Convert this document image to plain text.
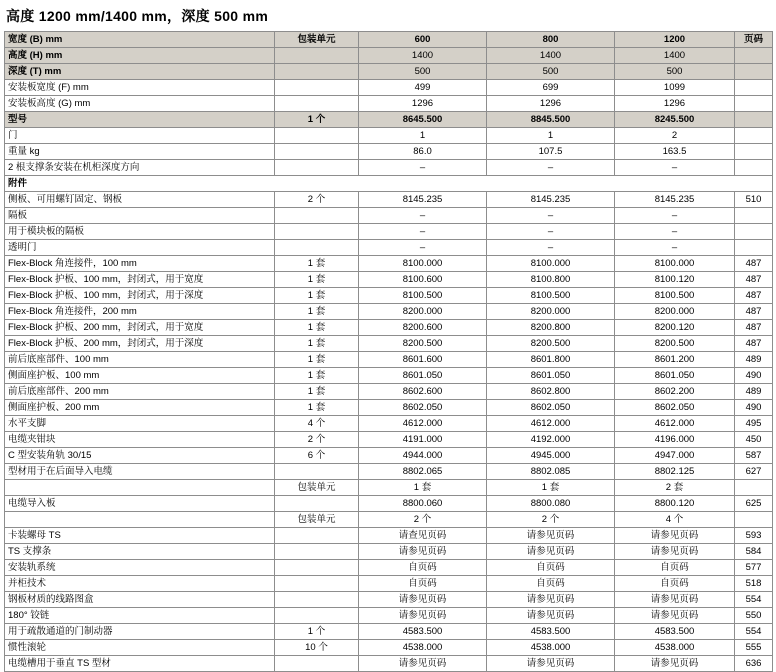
高度 1200 mm/1400 mm，深度 500 mm
宽度 (B) mm	包装单元	600	800	1200	页码
高度 (H) mm		1400	1400	1400	
深度 (T) mm		500	500	500	
安装板宽度 (F) mm		499	699	1099	
安装板高度 (G) mm		1296	1296	1296	
型号	1 个	8645.500	8845.500	8245.500	
门		1	1	2	
重量 kg		86.0	107.5	163.5	
2 根支撑条安装在机柜深度方向		–	–	–	
附件					
侧板、可用螺钉固定、钢板	2 个	8145.235	8145.235	8145.235	510
隔板		–	–	–	
用于模块板的隔板		–	–	–	
透明门		–	–	–	
Flex-Block 角连接件，100 mm	1 套	8100.000	8100.000	8100.000	487
Flex-Block 护板、100 mm，封闭式，用于宽度	1 套	8100.600	8100.800	8100.120	487
Flex-Block 护板、100 mm，封闭式，用于深度	1 套	8100.500	8100.500	8100.500	487
Flex-Block 角连接件，200 mm	1 套	8200.000	8200.000	8200.000	487
Flex-Block 护板、200 mm，封闭式，用于宽度	1 套	8200.600	8200.800	8200.120	487
Flex-Block 护板、200 mm，封闭式，用于深度	1 套	8200.500	8200.500	8200.500	487
前后底座部件、100 mm	1 套	8601.600	8601.800	8601.200	489
侧面座护板、100 mm	1 套	8601.050	8601.050	8601.050	490
前后底座部件、200 mm	1 套	8602.600	8602.800	8602.200	489
侧面座护板、200 mm	1 套	8602.050	8602.050	8602.050	490
水平支脚	4 个	4612.000	4612.000	4612.000	495
电缆夹钳块	2 个	4191.000	4192.000	4196.000	450
C 型安装角轨 30/15	6 个	4944.000	4945.000	4947.000	587
型材用于在后面导入电缆		8802.065	8802.085	8802.125	627
	包装单元	1 套	1 套	2 套	
电缆导入板		8800.060	8800.080	8800.120	625
	包装单元	2 个	2 个	4 个	
卡装螺母 TS		请查见页码	请参见页码	请参见页码	593
TS 支撑条		请参见页码	请参见页码	请参见页码	584
安装轨系统		自页码	自页码	自页码	577
并柜技术		自页码	自页码	自页码	518
钢板材质的线路图盒		请参见页码	请参见页码	请参见页码	554
180° 铰链		请参见页码	请参见页码	请参见页码	550
用于疏散通道的门制动器	1 个	4583.500	4583.500	4583.500	554
惯性滚轮	10 个	4538.000	4538.000	4538.000	555
电缆槽用于垂直 TS 型材		请参见页码	请参见页码	请参见页码	636
